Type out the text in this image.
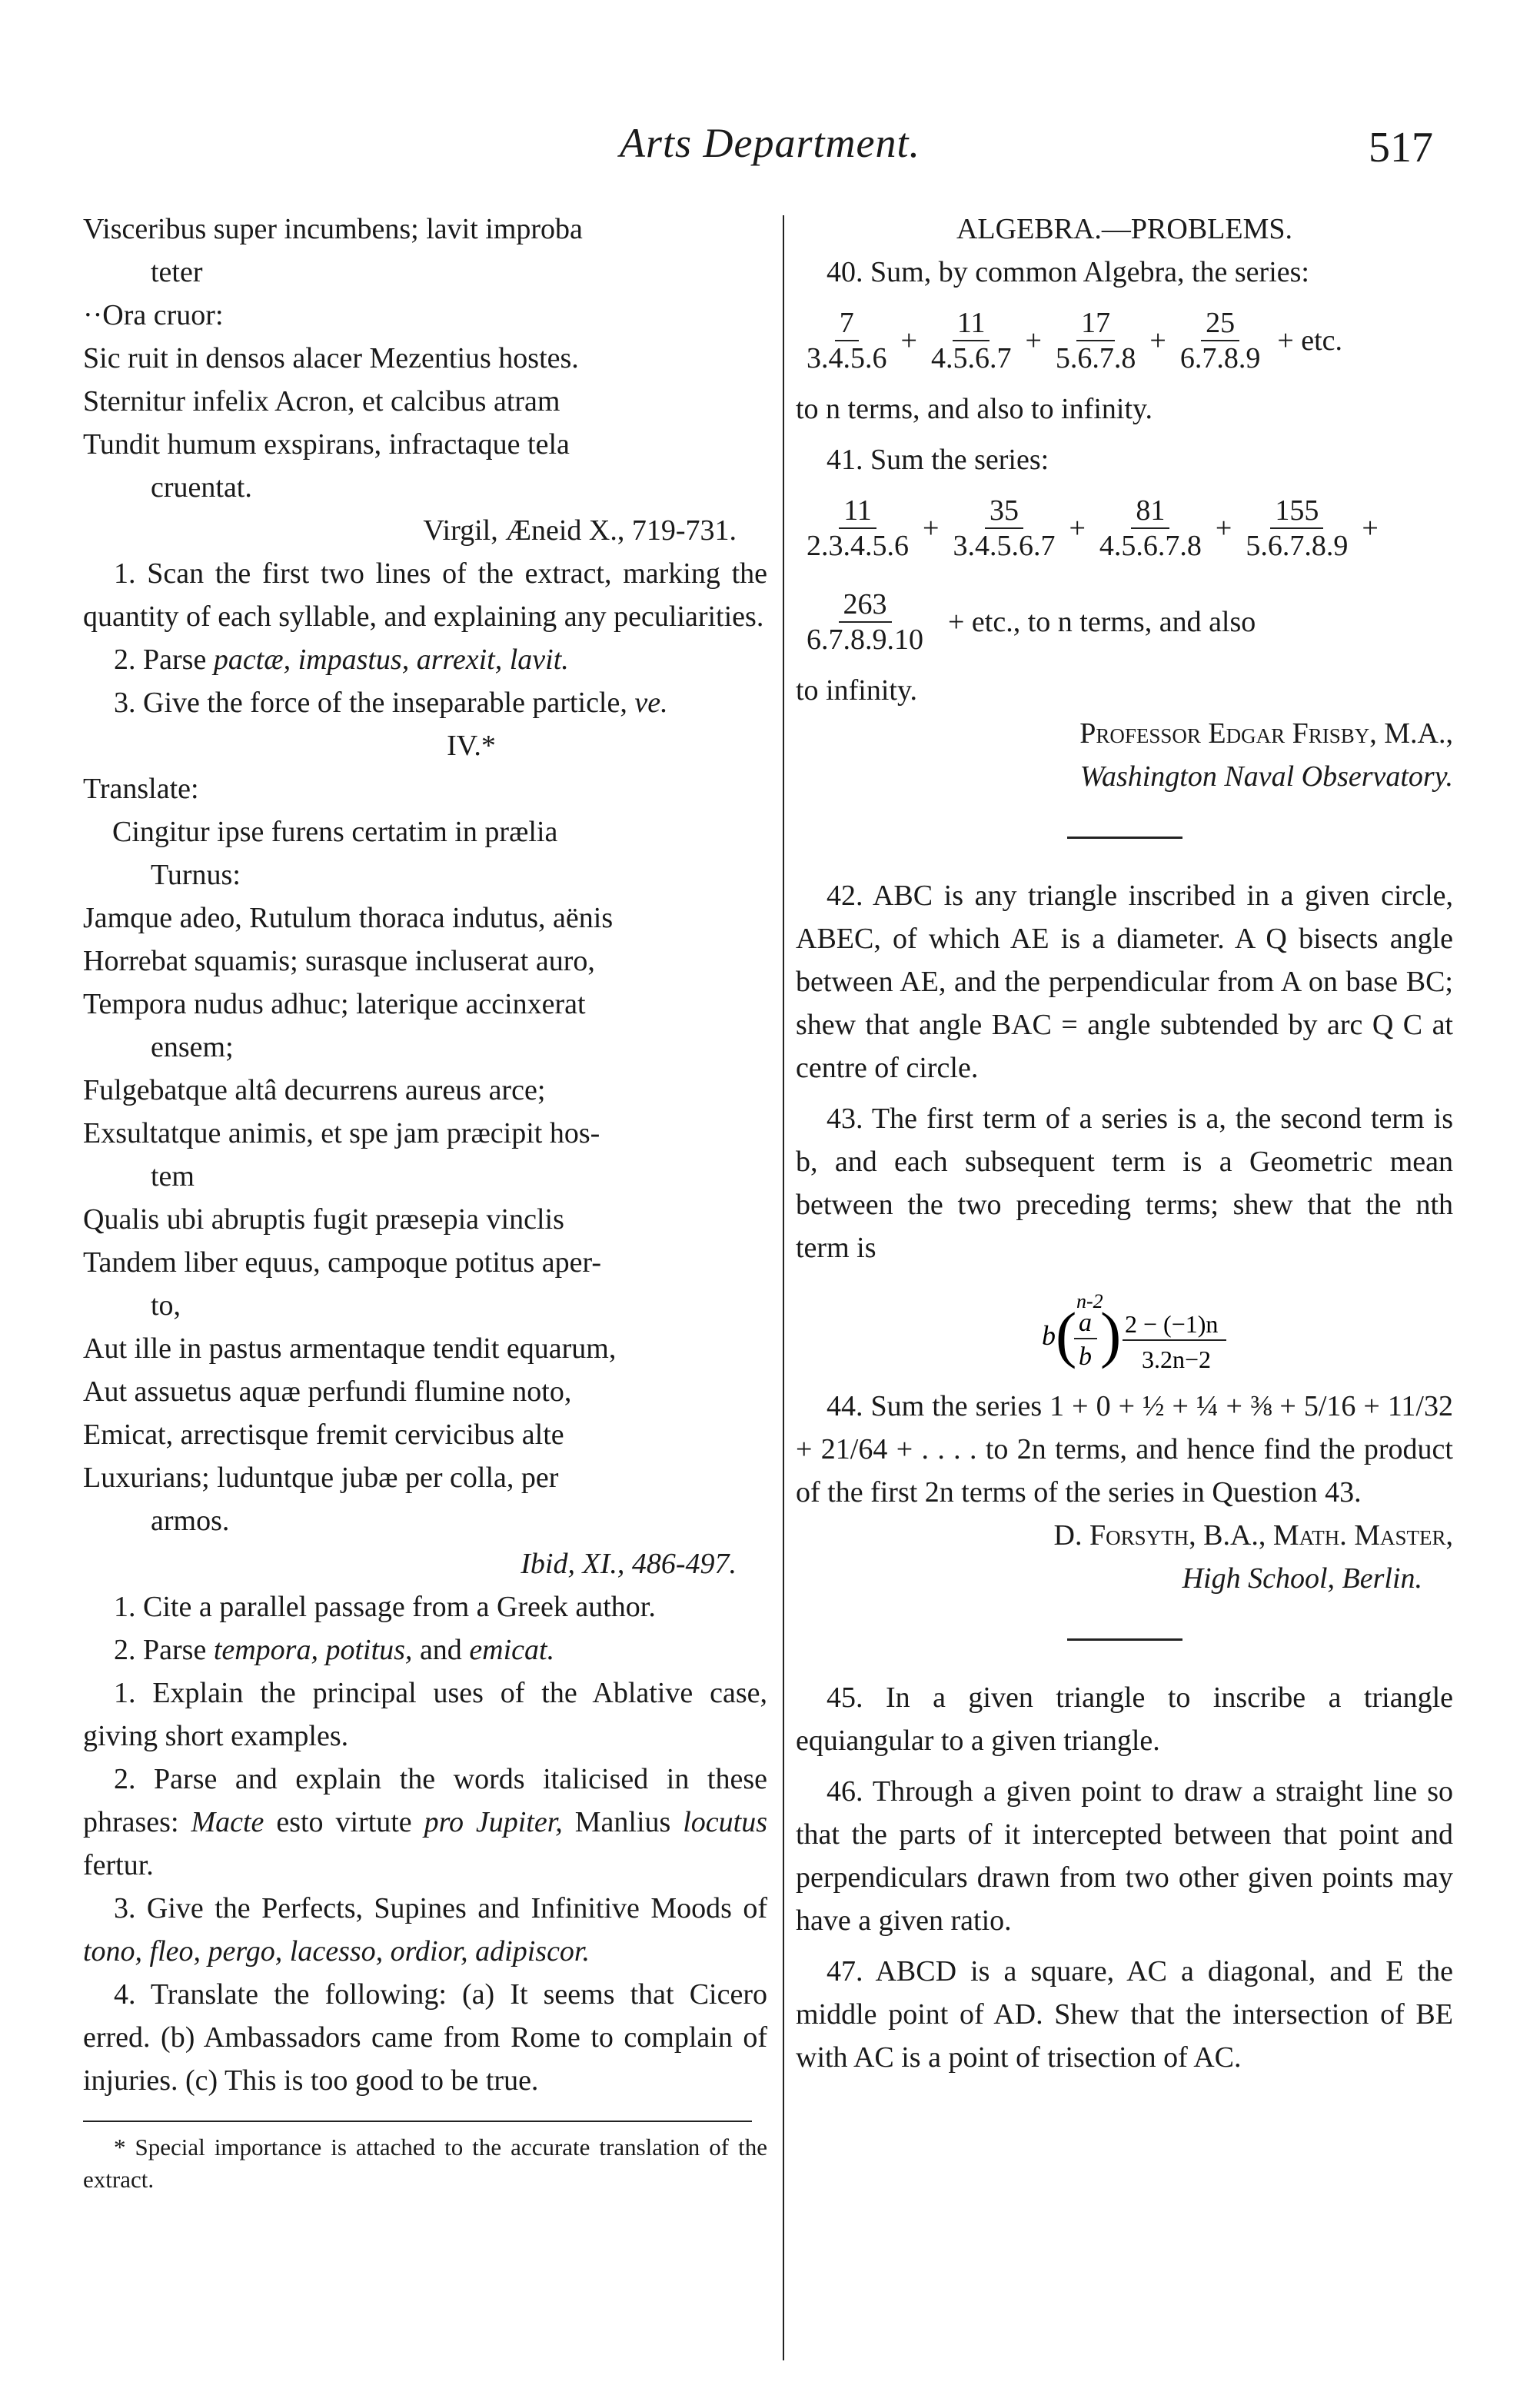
Arts Department.	517

Visceribus super incumbens; lavit improba

teter

··Ora cruor:

Sic ruit in densos alacer Mezentius hostes.

Sternitur infelix Acron, et calcibus atram

Tundit humum exspirans, infractaque tela

cruentat.

Virgil, Æneid X., 719-731.

1. Scan the first two lines of the extract, marking the quantity of each syllable, and explaining any peculiarities.

2. Parse pactæ, impastus, arrexit, lavit.

3. Give the force of the inseparable particle, ve.

IV.*

Translate:

Cingitur ipse furens certatim in prælia

Turnus:

Jamque adeo, Rutulum thoraca indutus, aënis

Horrebat squamis; surasque incluserat auro,

Tempora nudus adhuc; laterique accinxerat

ensem;

Fulgebatque altâ decurrens aureus arce;

Exsultatque animis, et spe jam præcipit hos-

tem

Qualis ubi abruptis fugit præsepia vinclis

Tandem liber equus, campoque potitus aper-

to,

Aut ille in pastus armentaque tendit equarum,

Aut assuetus aquæ perfundi flumine noto,

Emicat, arrectisque fremit cervicibus alte

Luxurians; luduntque jubæ per colla, per

armos.

Ibid, XI., 486-497.

1. Cite a parallel passage from a Greek author.

2. Parse tempora, potitus, and emicat.

1. Explain the principal uses of the Ablative case, giving short examples.

2. Parse and explain the words italicised in these phrases: Macte esto virtute pro Jupiter, Manlius locutus fertur.

3. Give the Perfects, Supines and Infinitive Moods of tono, fleo, pergo, lacesso, ordior, adipiscor.

4. Translate the following: (a) It seems that Cicero erred. (b) Ambassadors came from Rome to complain of injuries. (c) This is too good to be true.

* Special importance is attached to the accurate translation of the extract.

ALGEBRA.—PROBLEMS.

40. Sum, by common Algebra, the series:

$\frac{7}{3.4.5.6} + \frac{11}{4.5.6.7} + \frac{17}{5.6.7.8} + \frac{25}{6.7.8.9}$ + etc.

to n terms, and also to infinity.

41. Sum the series:

$\frac{11}{2.3.4.5.6} + \frac{35}{3.4.5.6.7} + \frac{81}{4.5.6.7.8} + \frac{155}{5.6.7.8.9}$ +
$\frac{263}{6.7.8.9.10}$ + etc., to n terms, and also

to infinity.

Professor Edgar Frisby, M.A.,

Washington Naval Observatory.

42. ABC is any triangle inscribed in a given circle, ABEC, of which AE is a diameter. A Q bisects angle between AE, and the perpendicular from A on base BC; shew that angle BAC = angle subtended by arc Q C at centre of circle.

43. The first term of a series is a, the second term is b, and each subsequent term is a Geometric mean between the two preceding terms; shew that the nth term is

n-2
b ( a
b ) 2 − (−1)n
3.2n−2

44. Sum the series 1 + 0 + ½ + ¼ + ⅜ + 5/16 + 11/32 + 21/64 + . . . . to 2n terms, and hence find the product of the first 2n terms of the series in Question 43.

D. Forsyth, B.A., Math. Master,

High School, Berlin.

45. In a given triangle to inscribe a triangle equiangular to a given triangle.

46. Through a given point to draw a straight line so that the parts of it intercepted between that point and perpendiculars drawn from two other given points may have a given ratio.

47. ABCD is a square, AC a diagonal, and E the middle point of AD. Shew that the intersection of BE with AC is a point of trisection of AC.
